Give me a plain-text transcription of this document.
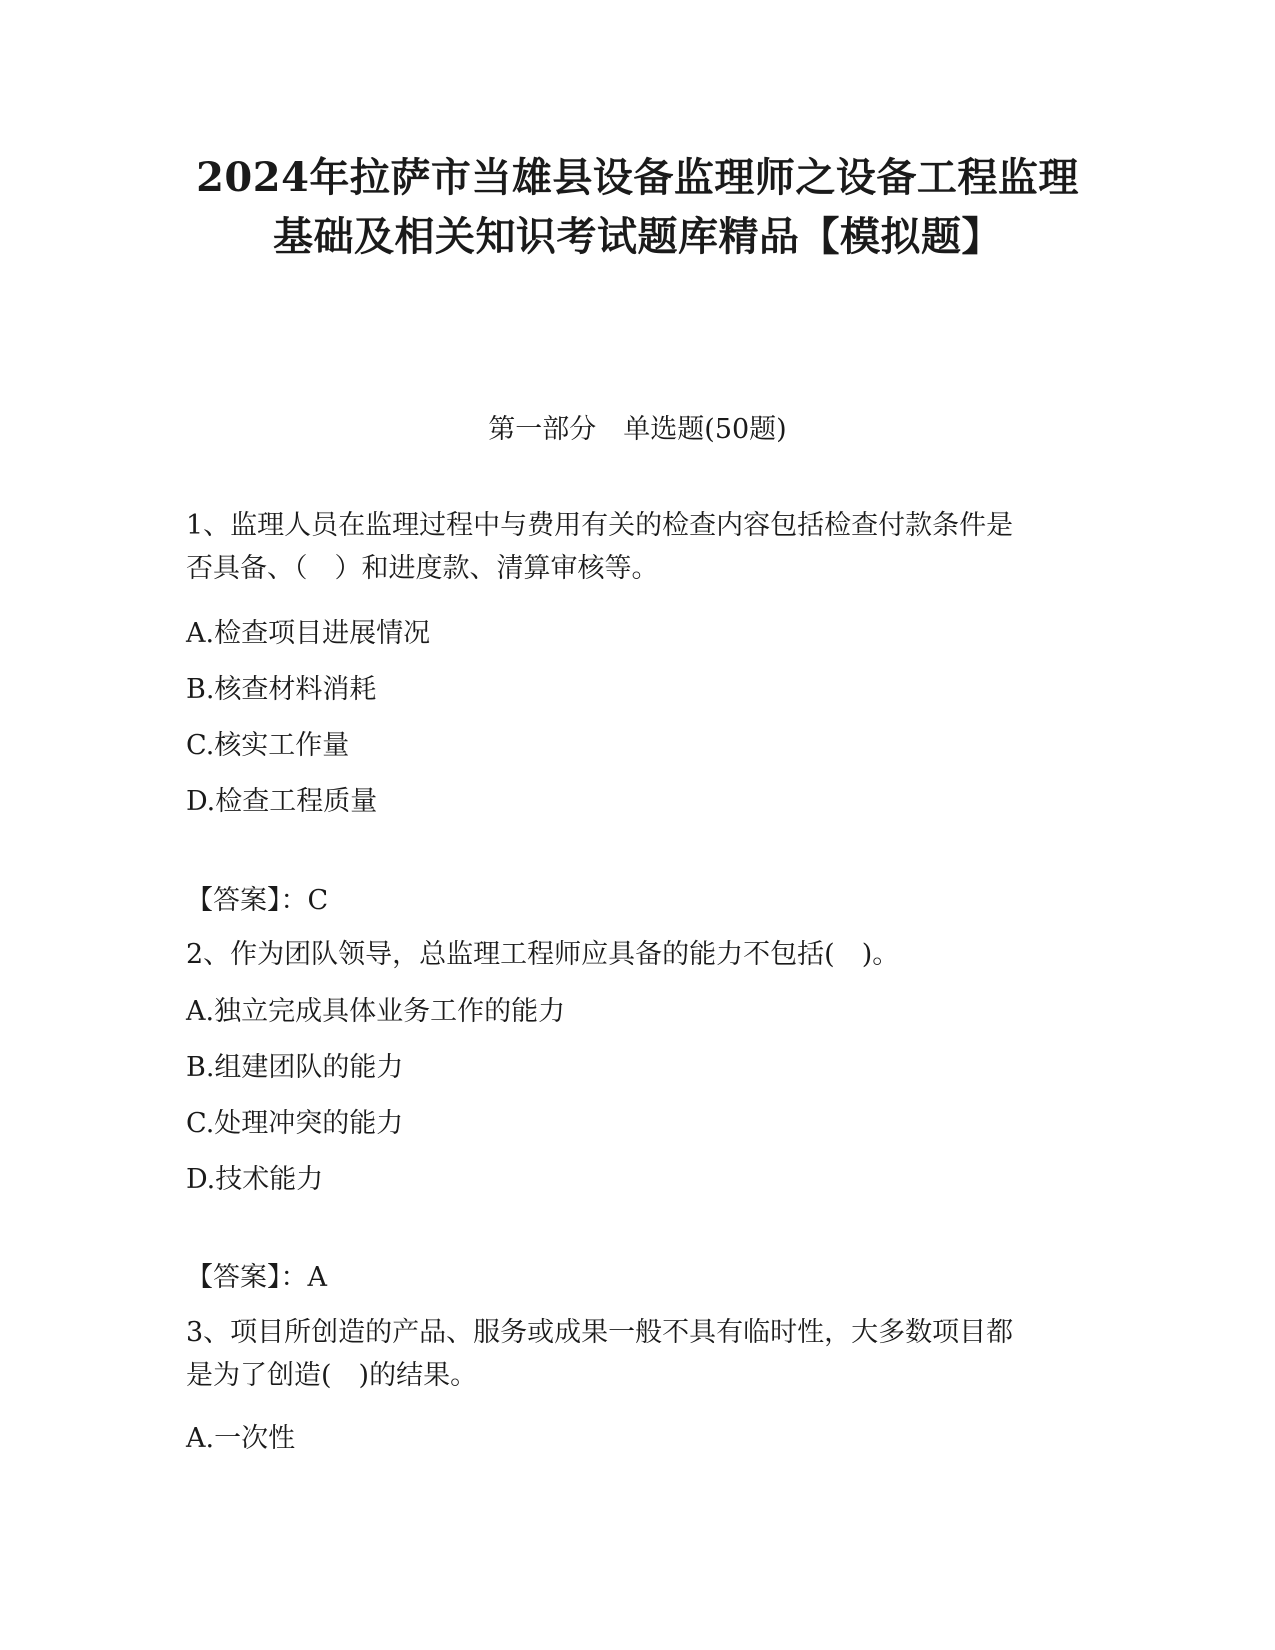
2024年拉萨市当雄县设备监理师之设备工程监理
基础及相关知识考试题库精品【模拟题】
第一部分　单选题(50题)
1、监理人员在监理过程中与费用有关的检查内容包括检查付款条件是
否具备、（　）和进度款、清算审核等。
A.检查项目进展情况
B.核查材料消耗
C.核实工作量
D.检查工程质量
【答案】：C
2、作为团队领导，总监理工程师应具备的能力不包括(　)。
A.独立完成具体业务工作的能力
B.组建团队的能力
C.处理冲突的能力
D.技术能力
【答案】：A
3、项目所创造的产品、服务或成果一般不具有临时性，大多数项目都
是为了创造(　)的结果。
A.一次性
